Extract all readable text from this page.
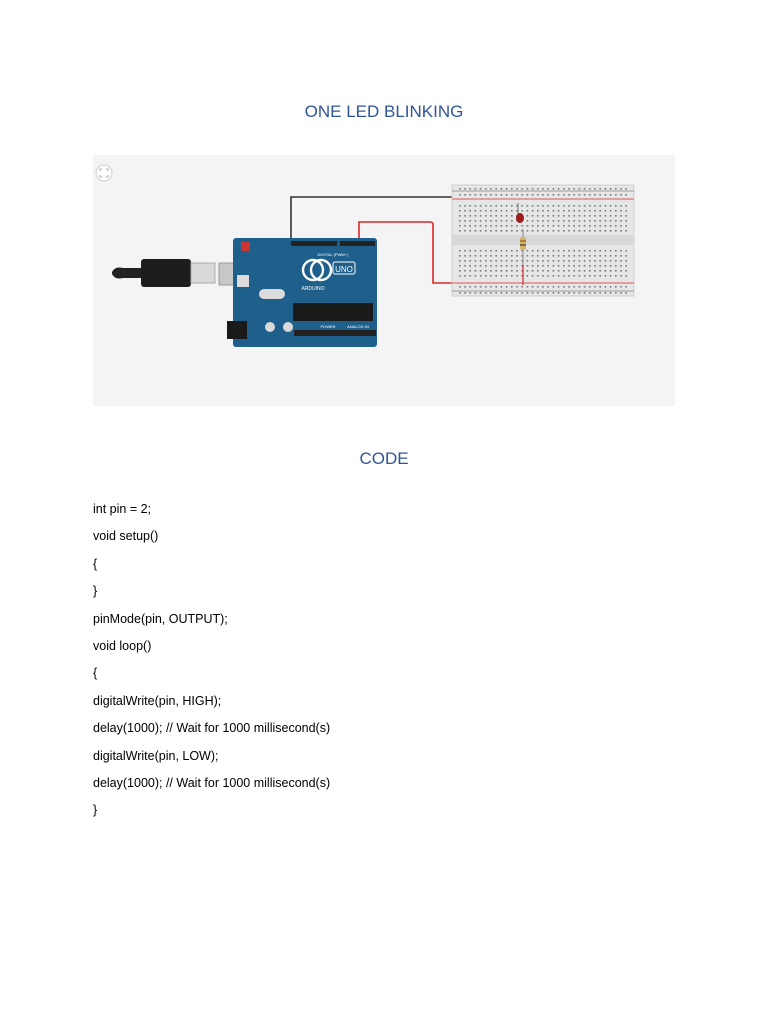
ONE LED BLINKING
UNO
ARDUINO
DIGITAL (PWM~)
POWER	ANALOG IN
CODE
int pin = 2;
void setup()
{
}
pinMode(pin, OUTPUT);
void loop()
{
digitalWrite(pin, HIGH);
delay(1000); // Wait for 1000 millisecond(s)
digitalWrite(pin, LOW);
delay(1000); // Wait for 1000 millisecond(s)
}
